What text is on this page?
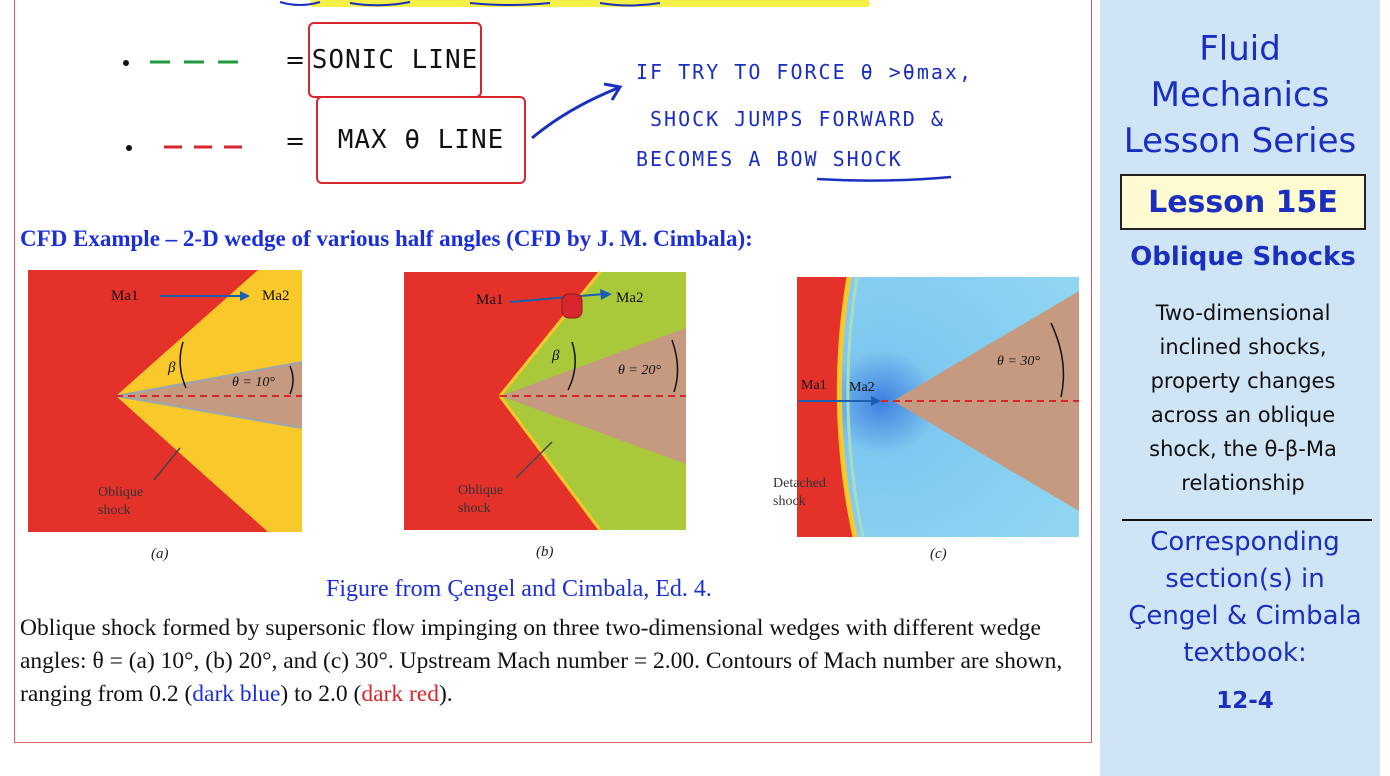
= SONIC LINE
=	MAX θ LINE
IF TRY TO FORCE θ >θmax,
SHOCK JUMPS FORWARD &
BECOMES A BOW SHOCK
CFD Example – 2-D wedge of various half angles (CFD by J. M. Cimbala):
Ma1	Ma2
β
θ = 10°
Oblique
shock
(a)
Ma1	Ma2
β
θ = 20°
Oblique
shock
(b)
Ma1 Ma2
θ = 30°
Detached
shock
(c)
Figure from Çengel and Cimbala, Ed. 4.
Oblique shock formed by supersonic flow impinging on three two-dimensional wedges with different wedge angles: θ = (a) 10°, (b) 20°, and (c) 30°. Upstream Mach number = 2.00. Contours of Mach number are shown, ranging from 0.2 (dark blue) to 2.0 (dark red).
Fluid
Mechanics
Lesson Series
Lesson 15E
Oblique Shocks
Two-dimensional
inclined shocks,
property changes
across an oblique
shock, the θ-β-Ma
relationship
Corresponding
section(s) in
Çengel & Cimbala
textbook:
12-4
